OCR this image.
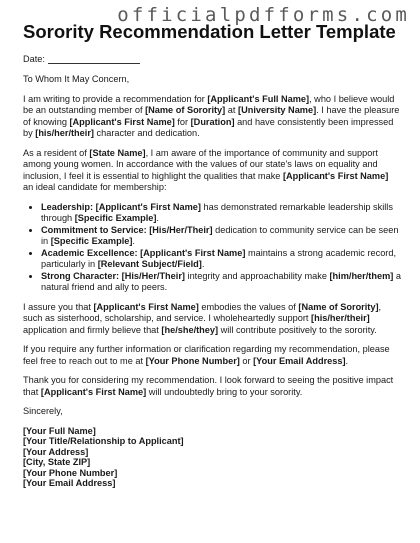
officialpdfforms.com
Sorority Recommendation Letter Template
Date:

To Whom It May Concern,

I am writing to provide a recommendation for [Applicant's Full Name], who I believe would be an outstanding member of [Name of Sorority] at [University Name]. I have the pleasure of knowing [Applicant's First Name] for [Duration] and have consistently been impressed by [his/her/their] character and dedication.

As a resident of [State Name], I am aware of the importance of community and support among young women. In accordance with the values of our state's laws on equality and inclusion, I feel it is essential to highlight the qualities that make [Applicant's First Name] an ideal candidate for membership:

• Leadership: [Applicant's First Name] has demonstrated remarkable leadership skills through [Specific Example].
• Commitment to Service: [His/Her/Their] dedication to community service can be seen in [Specific Example].
• Academic Excellence: [Applicant's First Name] maintains a strong academic record, particularly in [Relevant Subject/Field].
• Strong Character: [His/Her/Their] integrity and approachability make [him/her/them] a natural friend and ally to peers.

I assure you that [Applicant's First Name] embodies the values of [Name of Sorority], such as sisterhood, scholarship, and service. I wholeheartedly support [his/her/their] application and firmly believe that [he/she/they] will contribute positively to the sorority.

If you require any further information or clarification regarding my recommendation, please feel free to reach out to me at [Your Phone Number] or [Your Email Address].

Thank you for considering my recommendation. I look forward to seeing the positive impact that [Applicant's First Name] will undoubtedly bring to your sorority.

Sincerely,

[Your Full Name]
[Your Title/Relationship to Applicant]
[Your Address]
[City, State ZIP]
[Your Phone Number]
[Your Email Address]
